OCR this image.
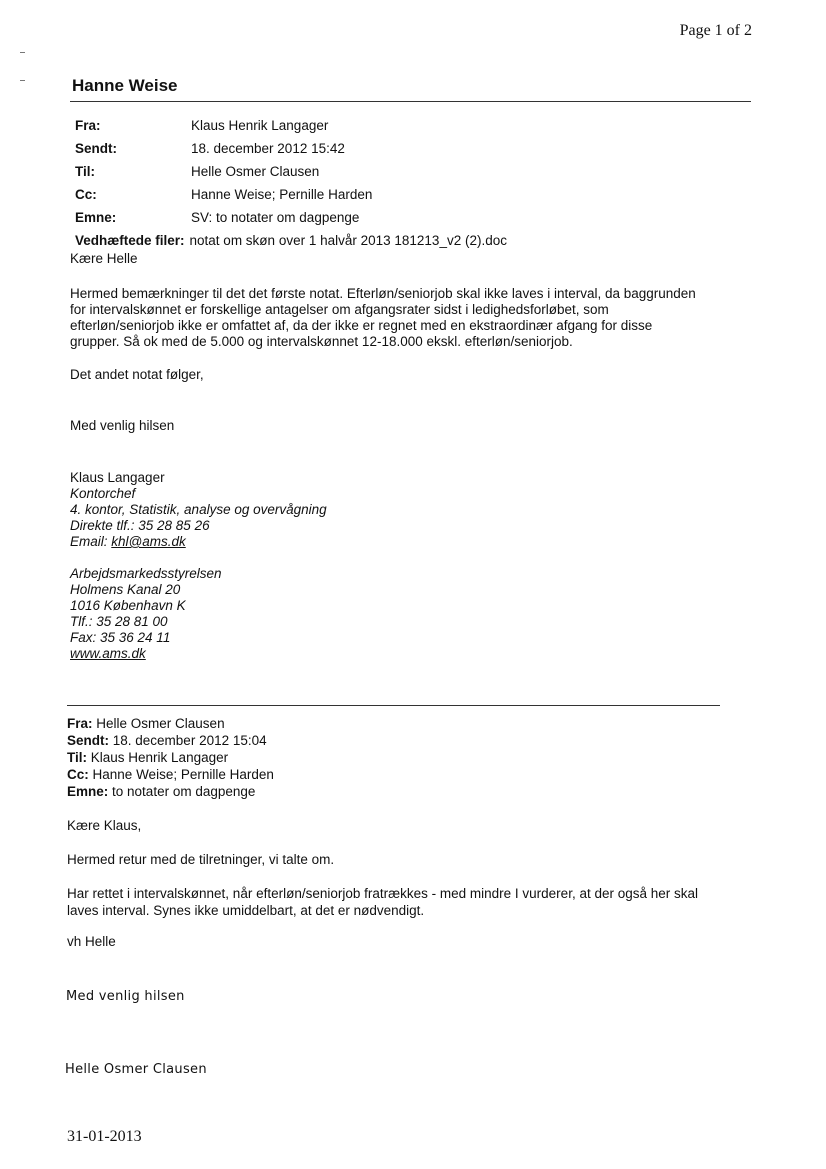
Page 1 of 2
Hanne Weise
Fra:	Klaus Henrik Langager
Sendt:	18. december 2012 15:42
Til:	Helle Osmer Clausen
Cc:	Hanne Weise; Pernille Harden
Emne:	SV: to notater om dagpenge
Vedhæftede filer: notat om skøn over 1 halvår 2013 181213_v2 (2).doc
Kære Helle
Hermed bemærkninger til det det første notat. Efterløn/seniorjob skal ikke laves i interval, da baggrunden
for intervalskønnet er forskellige antagelser om afgangsrater sidst i ledighedsforløbet, som
efterløn/seniorjob ikke er omfattet af, da der ikke er regnet med en ekstraordinær afgang for disse
grupper. Så ok med de 5.000 og intervalskønnet 12-18.000 ekskl. efterløn/seniorjob.
Det andet notat følger,
Med venlig hilsen
Klaus Langager
Kontorchef
4. kontor, Statistik, analyse og overvågning
Direkte tlf.: 35 28 85 26
Email: khl@ams.dk
Arbejdsmarkedsstyrelsen
Holmens Kanal 20
1016 København K
Tlf.: 35 28 81 00
Fax: 35 36 24 11
www.ams.dk
Fra: Helle Osmer Clausen
Sendt: 18. december 2012 15:04
Til: Klaus Henrik Langager
Cc: Hanne Weise; Pernille Harden
Emne: to notater om dagpenge
Kære Klaus,
Hermed retur med de tilretninger, vi talte om.
Har rettet i intervalskønnet, når efterløn/seniorjob fratrækkes - med mindre I vurderer, at der også her skal
laves interval. Synes ikke umiddelbart, at det er nødvendigt.
vh Helle
Med venlig hilsen
Helle Osmer Clausen
31-01-2013
